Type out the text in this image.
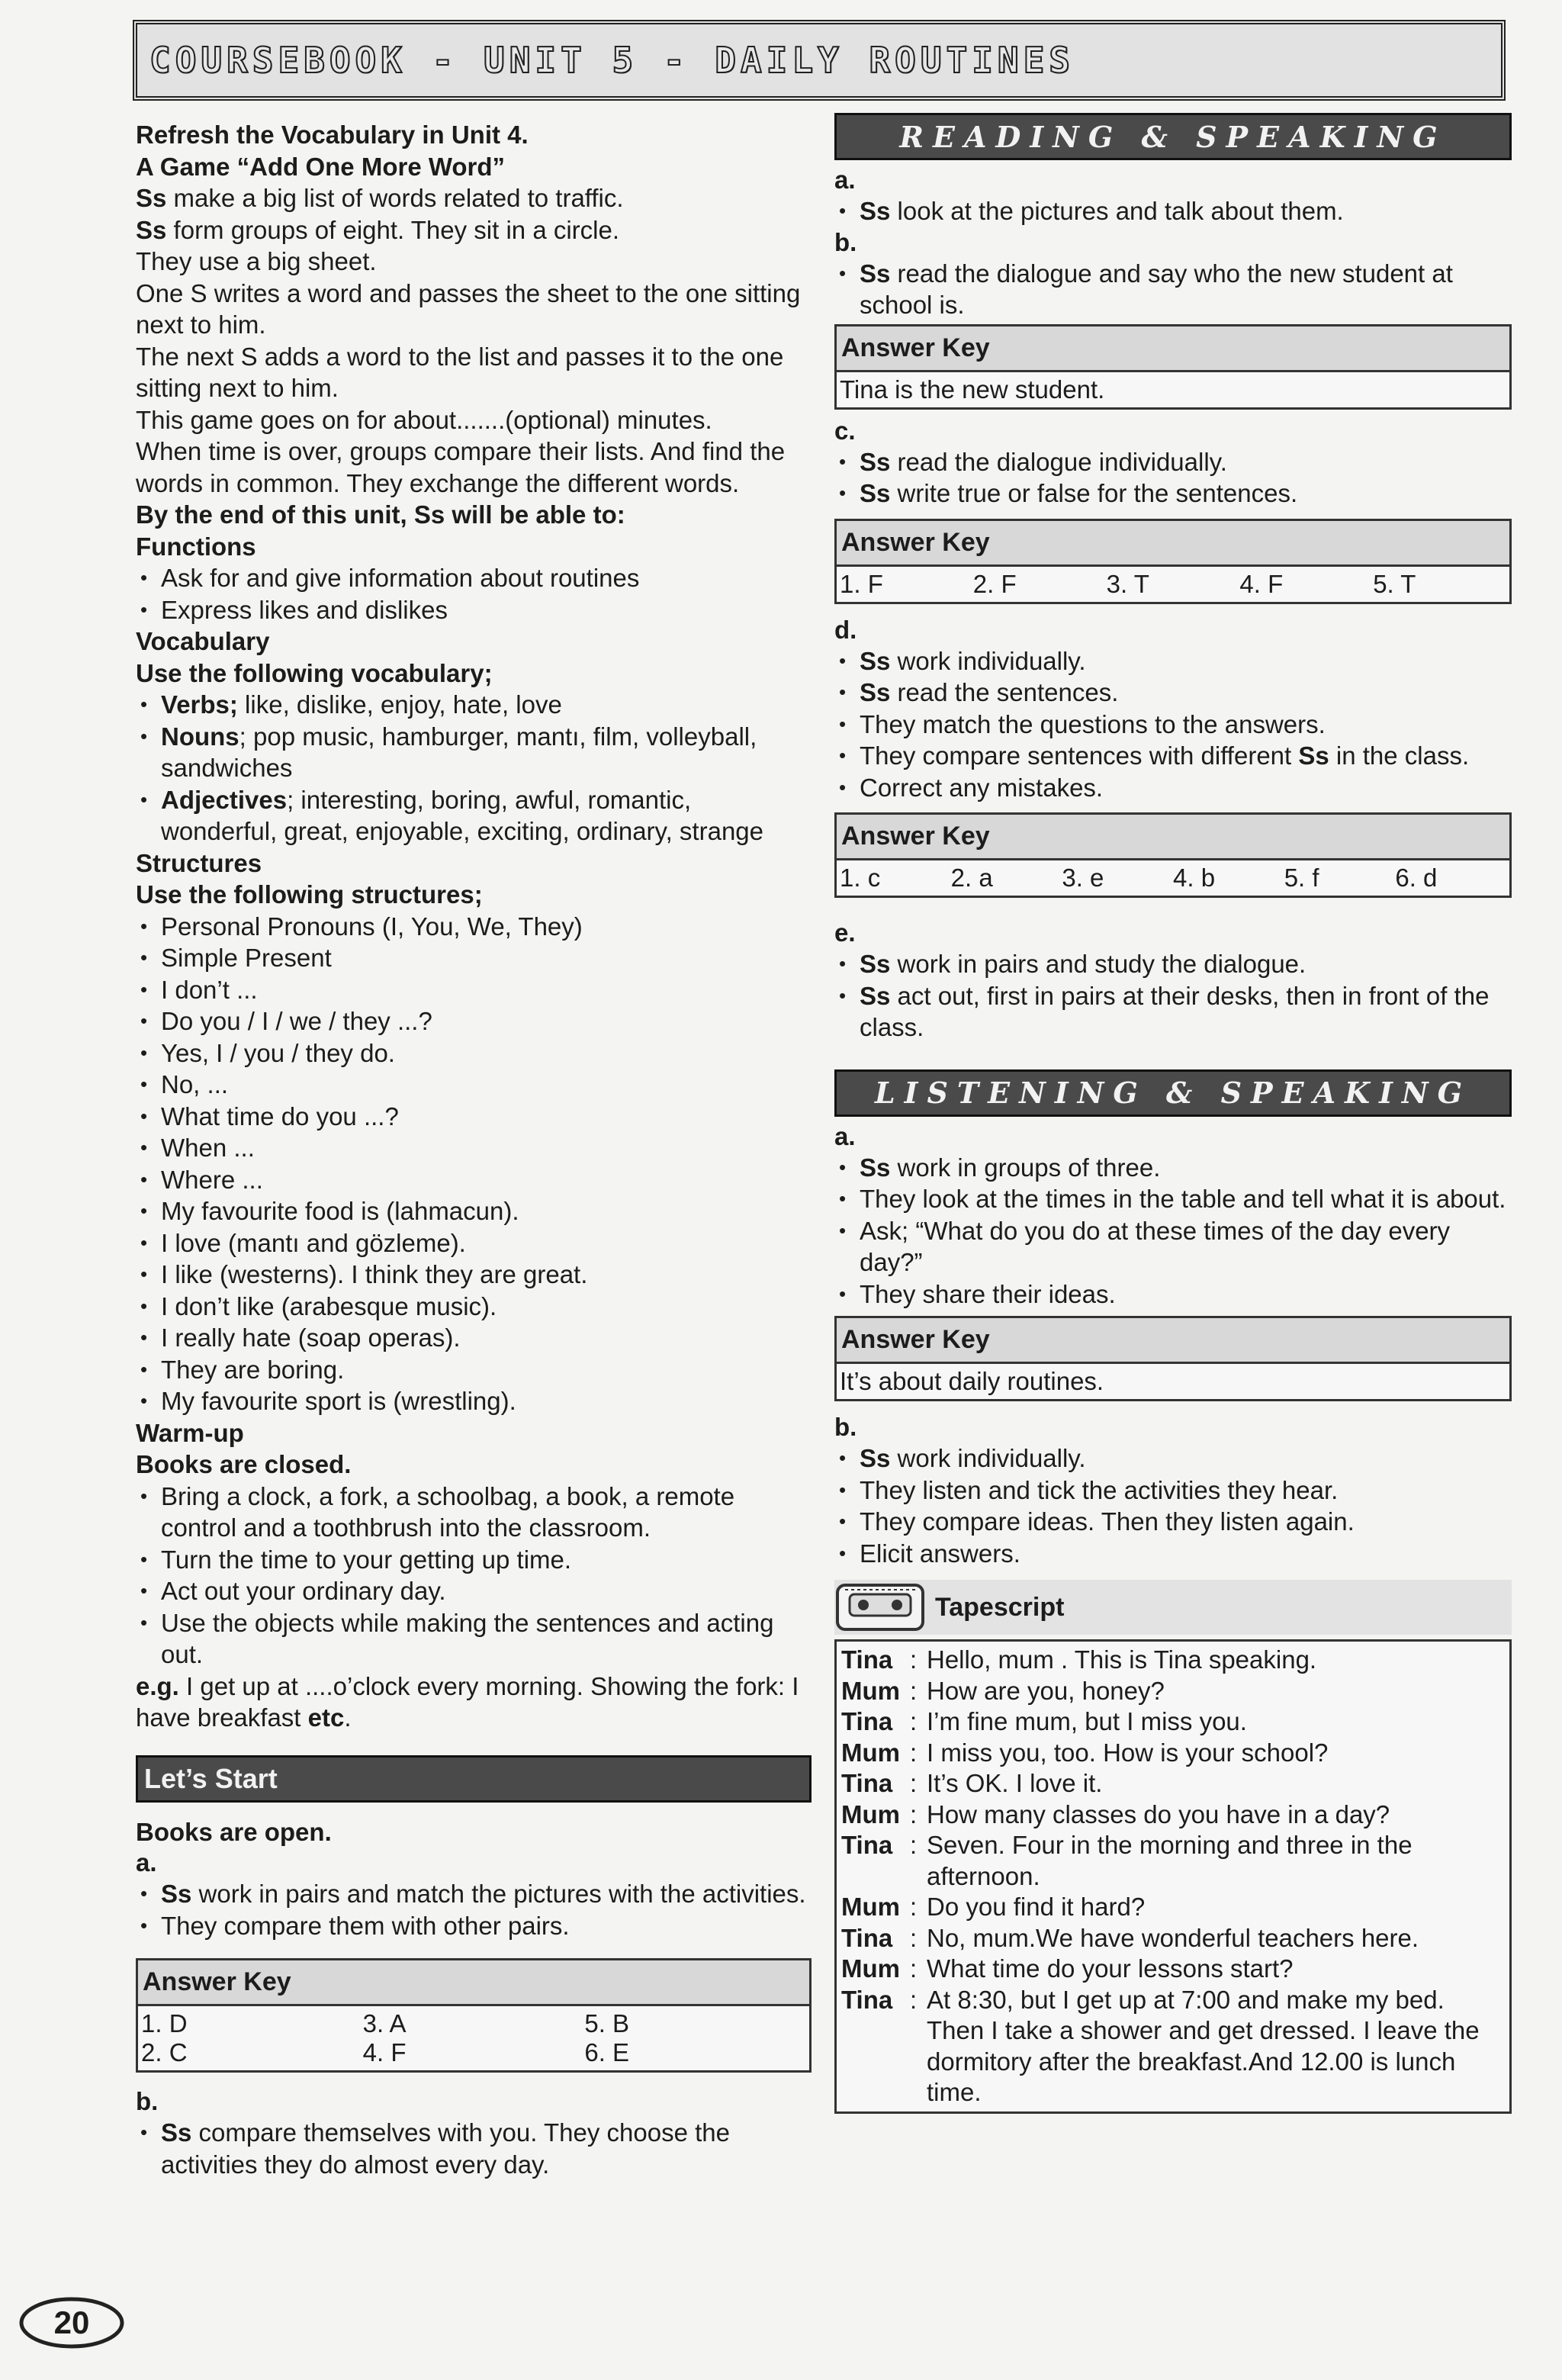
COURSEBOOK - UNIT 5 - DAILY ROUTINES
Refresh the Vocabulary in Unit 4.
A Game “Add One More Word”
Ss make a big list of words related to traffic.
Ss form groups of eight. They sit in a circle.
They use a big sheet.
One S writes a word and passes the sheet to the one sitting next to him.
The next S adds a word to the list and passes it to the one sitting next to him.
This game goes on for about.......(optional) minutes.
When time is over, groups compare their lists. And find the words in common. They exchange the different words.
By the end of this unit, Ss will be able to:
Functions
• Ask for and give information about routines
• Express likes and dislikes
Vocabulary
Use the following vocabulary;
• Verbs; like, dislike, enjoy, hate, love
• Nouns; pop music, hamburger, mantı, film, volleyball, sandwiches
• Adjectives; interesting, boring, awful, romantic, wonderful, great, enjoyable, exciting, ordinary, strange
Structures
Use the following structures;
• Personal Pronouns (I, You, We, They)
• Simple Present
• I don’t ...
• Do you / I / we / they ...?
• Yes, I / you / they do.
• No, ...
• What time do you ...?
• When ...
• Where ...
• My favourite food is (lahmacun).
• I love (mantı and gözleme).
• I like (westerns). I think they are great.
• I don’t like (arabesque music).
• I really hate (soap operas).
• They are boring.
• My favourite sport is (wrestling).
Warm-up
Books are closed.
• Bring a clock, a fork, a schoolbag, a book, a remote control and a toothbrush into the classroom.
• Turn the time to your getting up time.
• Act out your ordinary day.
• Use the objects while making the sentences and acting out.
e.g. I get up at ....o’clock every morning. Showing the fork: I have breakfast etc.
Let’s Start
Books are open.
a.
• Ss work in pairs and match the pictures with the activities.
• They compare them with other pairs.
Answer Key
1. D	3. A	5. B
2. C	4. F	6. E
b.
• Ss compare themselves with you. They choose the activities they do almost every day.
READING & SPEAKING
a.
• Ss look at the pictures and talk about them.
b.
• Ss read the dialogue and say who the new student at school is.
Answer Key
Tina is the new student.
c.
• Ss read the dialogue individually.
• Ss write true or false for the sentences.
Answer Key
1. F	2. F	3. T	4. F	5. T
d.
• Ss work individually.
• Ss read the sentences.
• They match the questions to the answers.
• They compare sentences with different Ss in the class.
• Correct any mistakes.
Answer Key
1. c	2. a	3. e	4. b	5. f	6. d
e.
• Ss work in pairs and study the dialogue.
• Ss act out, first in pairs at their desks, then in front of the class.
LISTENING & SPEAKING
a.
• Ss work in groups of three.
• They look at the times in the table and tell what it is about.
• Ask; “What do you do at these times of the day every day?”
• They share their ideas.
Answer Key
It’s about daily routines.
b.
• Ss work individually.
• They listen and tick the activities they hear.
• They compare ideas. Then they listen again.
• Elicit answers.
Tapescript
Tina : Hello, mum . This is Tina speaking.
Mum : How are you, honey?
Tina : I’m fine mum, but I miss you.
Mum : I miss you, too. How is your school?
Tina : It’s OK. I love it.
Mum : How many classes do you have in a day?
Tina : Seven. Four in the morning and three in the afternoon.
Mum : Do you find it hard?
Tina : No, mum.We have wonderful teachers here.
Mum : What time do your lessons start?
Tina : At 8:30, but I get up at 7:00 and make my bed. Then I take a shower and get dressed. I leave the dormitory after the breakfast.And 12.00 is lunch time.
20
